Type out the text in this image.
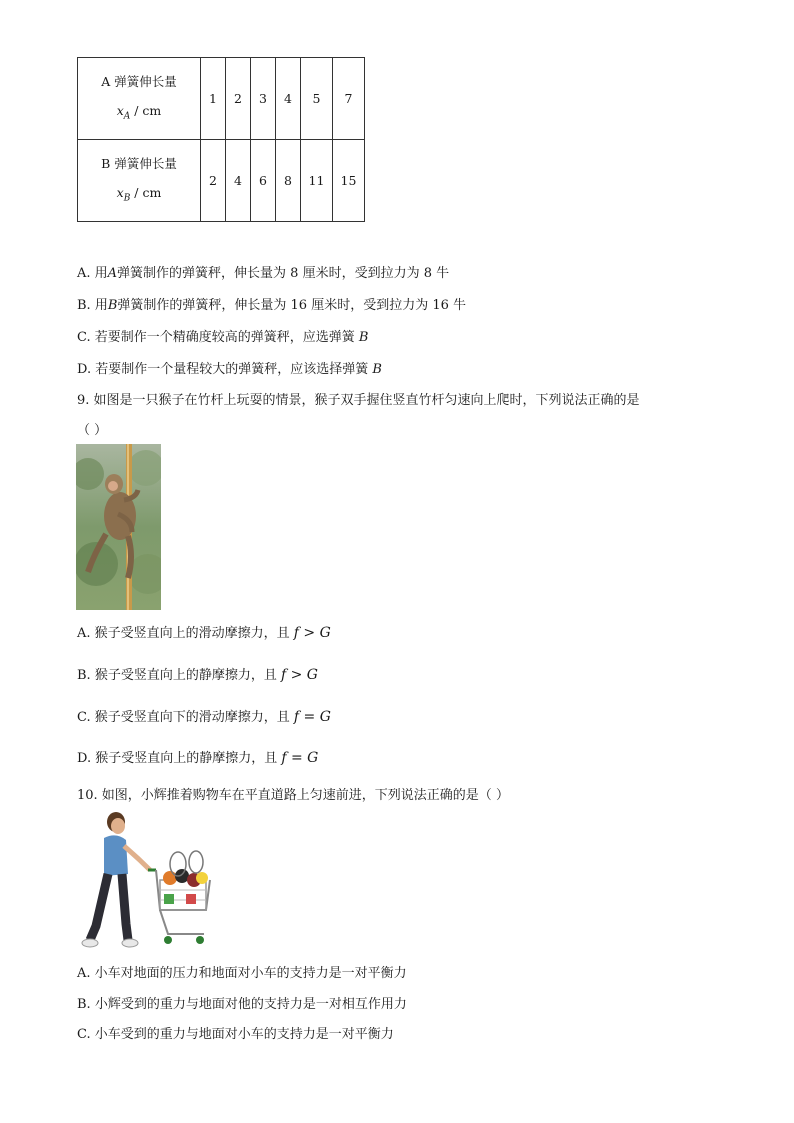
A 弹簧伸长量
$x_A$ / cm	1	2	3	4	5	7

B 弹簧伸长量
$x_B$ / cm	2	4	6	8	11	15
A. 用A弹簧制作的弹簧秤，伸长量为 8 厘米时，受到拉力为 8 牛
B. 用B弹簧制作的弹簧秤，伸长量为 16 厘米时，受到拉力为 16 牛
C. 若要制作一个精确度较高的弹簧秤，应选弹簧 B
D. 若要制作一个量程较大的弹簧秤，应该选择弹簧 B
9. 如图是一只猴子在竹杆上玩耍的情景，猴子双手握住竖直竹杆匀速向上爬时，下列说法正确的是
（ ）
A. 猴子受竖直向上的滑动摩擦力，且 f > G
B. 猴子受竖直向上的静摩擦力，且 f > G
C. 猴子受竖直向下的滑动摩擦力，且 f = G
D. 猴子受竖直向上的静摩擦力，且 f = G
10. 如图，小辉推着购物车在平直道路上匀速前进，下列说法正确的是（ ）
A. 小车对地面的压力和地面对小车的支持力是一对平衡力
B. 小辉受到的重力与地面对他的支持力是一对相互作用力
C. 小车受到的重力与地面对小车的支持力是一对平衡力
